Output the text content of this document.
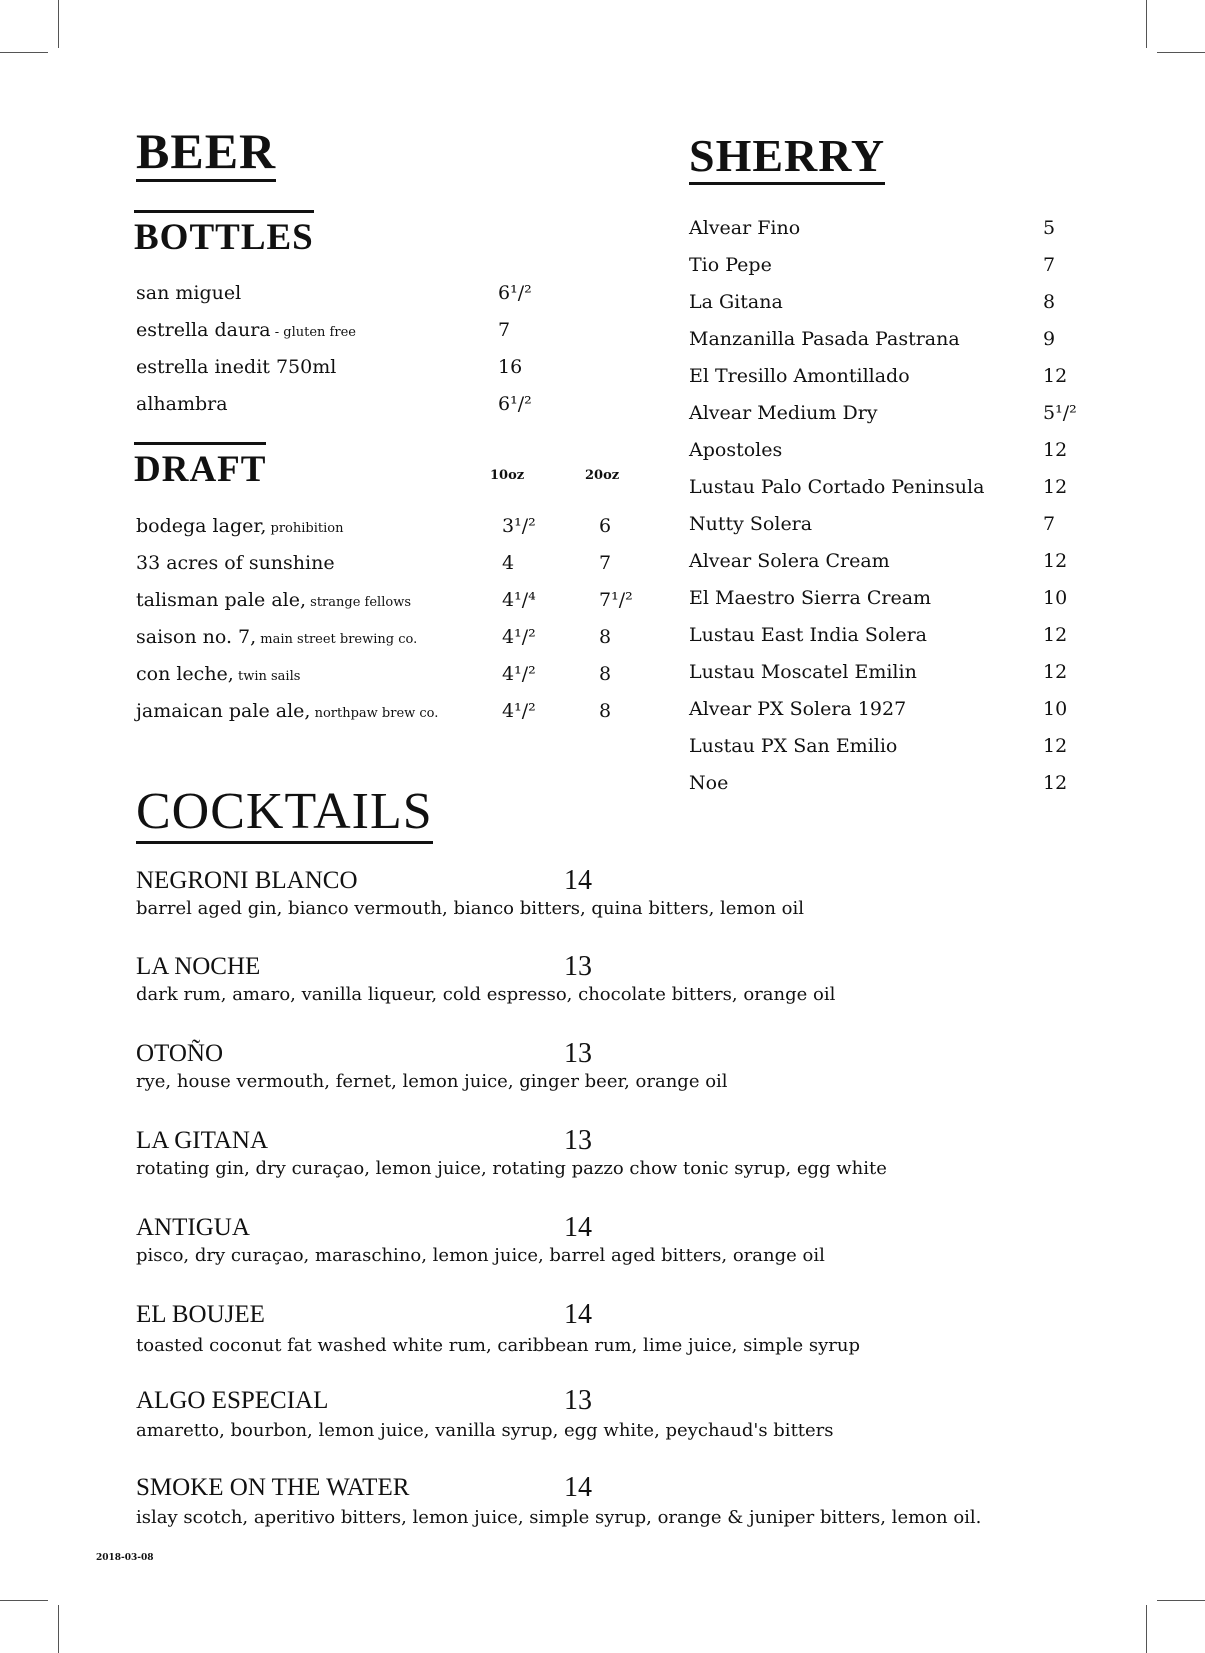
BEER
BOTTLES
san miguel	6¹/²
estrella daura - gluten free	7
estrella inedit 750ml	16
alhambra	6¹/²
DRAFT	10oz	20oz
bodega lager, prohibition	3¹/²	6
33 acres of sunshine	4	7
talisman pale ale, strange fellows	4¹/⁴	7¹/²
saison no. 7, main street brewing co.	4¹/²	8
con leche, twin sails	4¹/²	8
jamaican pale ale, northpaw brew co.	4¹/²	8
SHERRY
Alvear Fino	5
Tio Pepe	7
La Gitana	8
Manzanilla Pasada Pastrana	9
El Tresillo Amontillado	12
Alvear Medium Dry	5¹/²
Apostoles	12
Lustau Palo Cortado Peninsula	12
Nutty Solera	7
Alvear Solera Cream	12
El Maestro Sierra Cream	10
Lustau East India Solera	12
Lustau Moscatel Emilin	12
Alvear PX Solera 1927	10
Lustau PX San Emilio	12
Noe	12
COCKTAILS
NEGRONI BLANCO	14
barrel aged gin, bianco vermouth, bianco bitters, quina bitters, lemon oil
LA NOCHE	13
dark rum, amaro, vanilla liqueur, cold espresso, chocolate bitters, orange oil
OTOÑO	13
rye, house vermouth, fernet, lemon juice, ginger beer, orange oil
LA GITANA	13
rotating gin, dry curaçao, lemon juice, rotating pazzo chow tonic syrup, egg white
ANTIGUA	14
pisco, dry curaçao, maraschino, lemon juice, barrel aged bitters, orange oil
EL BOUJEE	14
toasted coconut fat washed white rum, caribbean rum, lime juice, simple syrup
ALGO ESPECIAL	13
amaretto, bourbon, lemon juice, vanilla syrup, egg white, peychaud's bitters
SMOKE ON THE WATER	14
islay scotch, aperitivo bitters, lemon juice, simple syrup, orange & juniper bitters, lemon oil.
2018-03-08
